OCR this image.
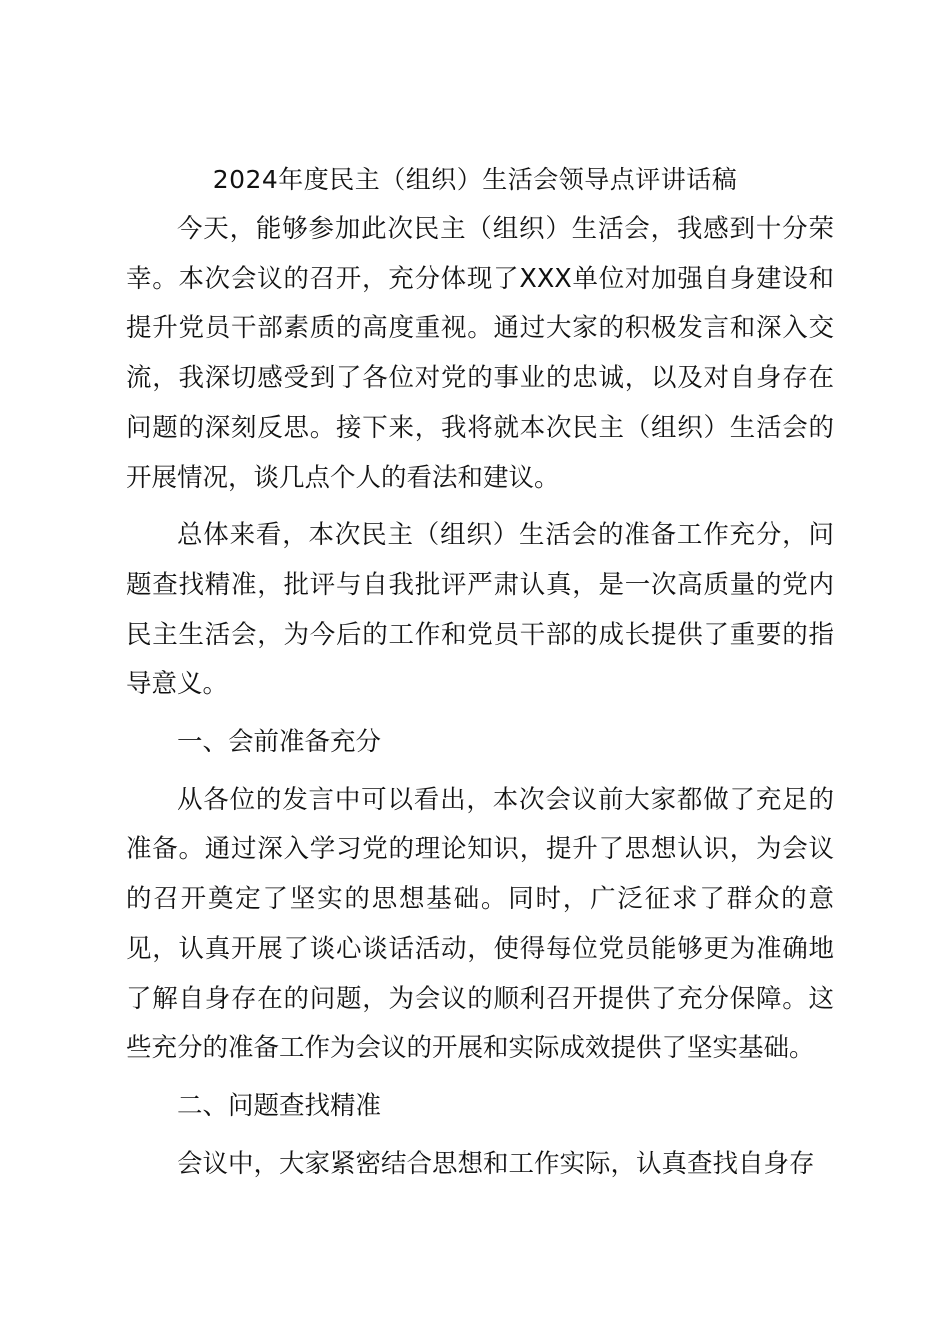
2024年度民主（组织）生活会领导点评讲话稿

今天，能够参加此次民主（组织）生活会，我感到十分荣幸。本次会议的召开，充分体现了XXX单位对加强自身建设和提升党员干部素质的高度重视。通过大家的积极发言和深入交流，我深切感受到了各位对党的事业的忠诚，以及对自身存在问题的深刻反思。接下来，我将就本次民主（组织）生活会的开展情况，谈几点个人的看法和建议。

总体来看，本次民主（组织）生活会的准备工作充分，问题查找精准，批评与自我批评严肃认真，是一次高质量的党内民主生活会，为今后的工作和党员干部的成长提供了重要的指导意义。

一、会前准备充分

从各位的发言中可以看出，本次会议前大家都做了充足的准备。通过深入学习党的理论知识，提升了思想认识，为会议的召开奠定了坚实的思想基础。同时，广泛征求了群众的意见，认真开展了谈心谈话活动，使得每位党员能够更为准确地了解自身存在的问题，为会议的顺利召开提供了充分保障。这些充分的准备工作为会议的开展和实际成效提供了坚实基础。

二、问题查找精准

会议中，大家紧密结合思想和工作实际，认真查找自身存
